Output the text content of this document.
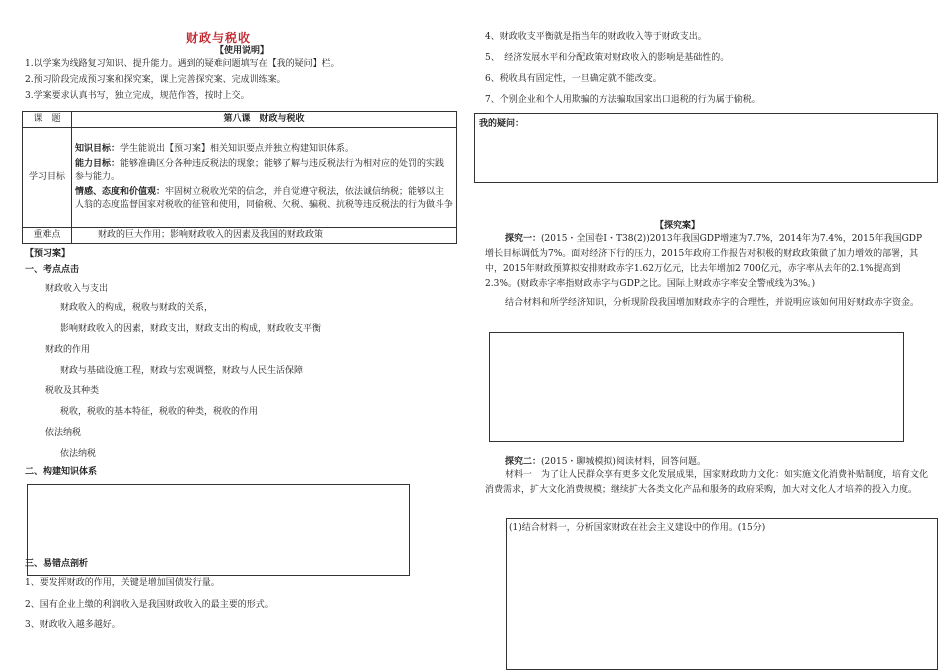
财政与税收
【使用说明】
1.以学案为线路复习知识、提升能力。遇到的疑难问题填写在【我的疑问】栏。
2.预习阶段完成预习案和探究案，课上完善探究案、完成训练案。
3.学案要求认真书写，独立完成，规范作答，按时上交。
课　题	第八课　财政与税收
学习目标	知识目标：学生能说出【预习案】相关知识要点并独立构建知识体系。
能力目标：能够准确区分各种违反税法的现象；能够了解与违反税法行为相对应的处罚的实践参与能力。
情感、态度和价值观：牢固树立税收光荣的信念，并自觉遵守税法，依法诚信纳税；能够以主人翁的态度监督国家对税收的征管和使用，同偷税、欠税、骗税、抗税等违反税法的行为做斗争

重难点	财政的巨大作用；影响财政收入的因素及我国的财政政策
【预习案】
一、考点点击
财政收入与支出
财政收入的构成，税收与财政的关系，
影响财政收入的因素，财政支出，财政支出的构成，财政收支平衡
财政的作用
财政与基础设施工程，财政与宏观调整，财政与人民生活保障
税收及其种类
税收，税收的基本特征，税收的种类，税收的作用
依法纳税
依法纳税
二、构建知识体系
三、易错点剖析
1、要发挥财政的作用，关键是增加国债发行量。
2、国有企业上缴的利润收入是我国财政收入的最主要的形式。
3、财政收入越多越好。
4、财政收支平衡就是指当年的财政收入等于财政支出。
5、　经济发展水平和分配政策对财政收入的影响是基础性的。
6、税收具有固定性，一旦确定就不能改变。
7、个别企业和个人用欺骗的方法骗取国家出口退税的行为属于偷税。
我的疑问：
【探究案】
探究一：(2015・全国卷Ⅰ・T38(2))2013年我国GDP增速为7.7%，2014年为7.4%，2015年我国GDP增长目标调低为7%。面对经济下行的压力，2015年政府工作报告对积极的财政政策做了加力增效的部署，其中，2015年财政预算拟安排财政赤字1.62万亿元，比去年增加2 700亿元，赤字率从去年的2.1%提高到2.3%。(财政赤字率指财政赤字与GDP之比。国际上财政赤字率安全警戒线为3%。)
结合材料和所学经济知识，分析现阶段我国增加财政赤字的合理性，并说明应该如何用好财政赤字资金。
探究二：(2015・聊城模拟)阅读材料，回答问题。
材料一　为了让人民群众享有更多文化发展成果，国家财政助力文化：如实施文化消费补贴制度，培育文化消费需求，扩大文化消费规模；继续扩大各类文化产品和服务的政府采购，加大对文化人才培养的投入力度。
(1)结合材料一，分析国家财政在社会主义建设中的作用。(15分)
